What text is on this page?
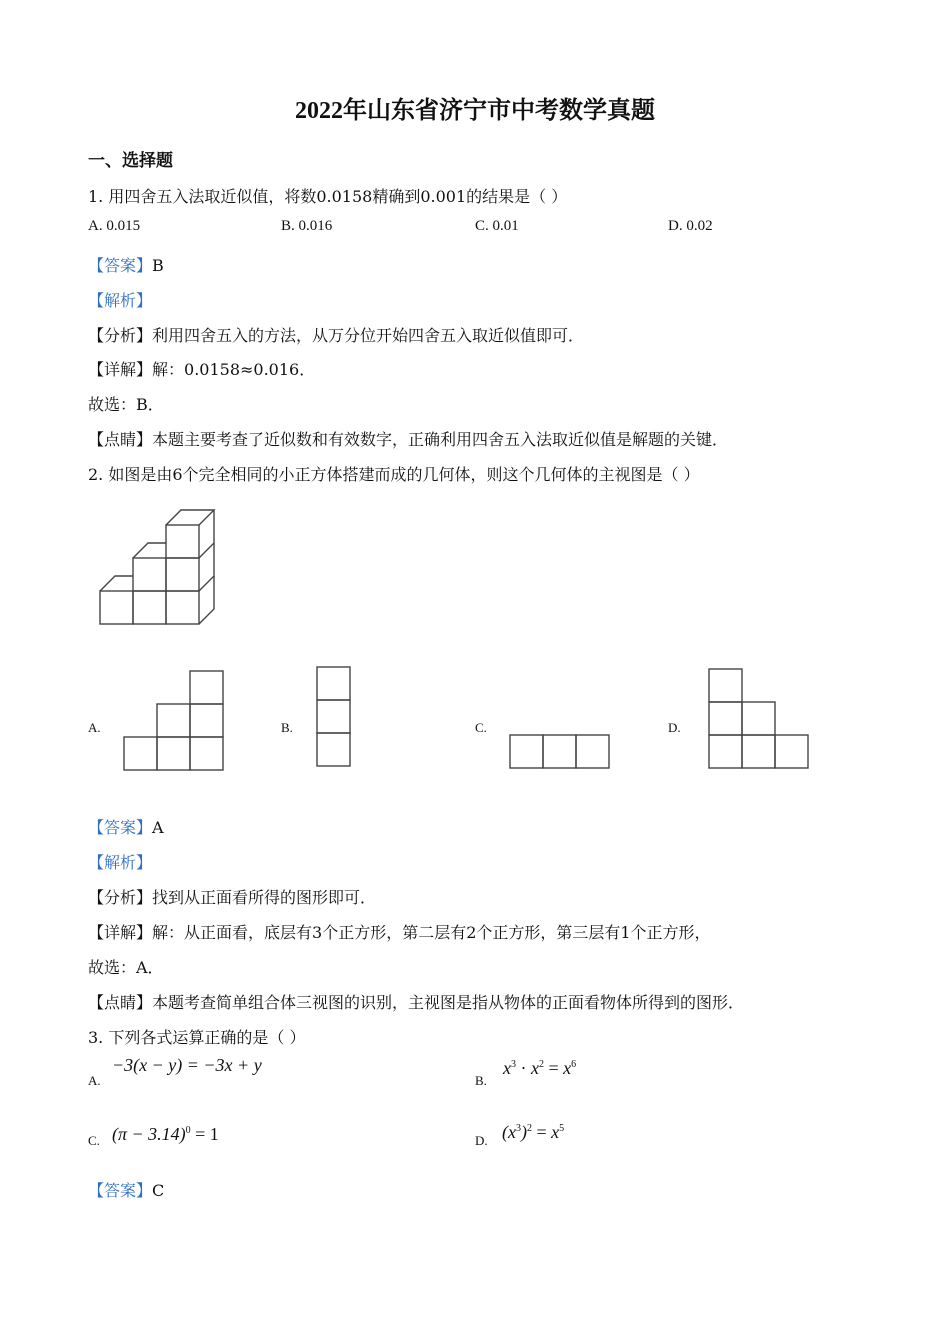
2022年山东省济宁市中考数学真题
一、选择题
1. 用四舍五入法取近似值，将数0.0158精确到0.001的结果是（ ）
A. 0.015	B. 0.016	C. 0.01	D. 0.02
【答案】B
【解析】
【分析】利用四舍五入的方法，从万分位开始四舍五入取近似值即可．
【详解】解：0.0158≈0.016．
故选：B．
【点睛】本题主要考查了近似数和有效数字，正确利用四舍五入法取近似值是解题的关键．
2. 如图是由6个完全相同的小正方体搭建而成的几何体，则这个几何体的主视图是（ ）
A.	B.	C.	D.
【答案】A
【解析】
【分析】找到从正面看所得的图形即可．
【详解】解：从正面看，底层有3个正方形，第二层有2个正方形，第三层有1个正方形，
故选：A．
【点睛】本题考查简单组合体三视图的识别，主视图是指从物体的正面看物体所得到的图形．
3. 下列各式运算正确的是（ ）
A.
−3(x − y) = −3x + y
B.
$x^3 \cdot x^2 = x^6$
C. $(\pi - 3.14)^0 = 1$	D. $(x^3)^2 = x^5$
【答案】C
